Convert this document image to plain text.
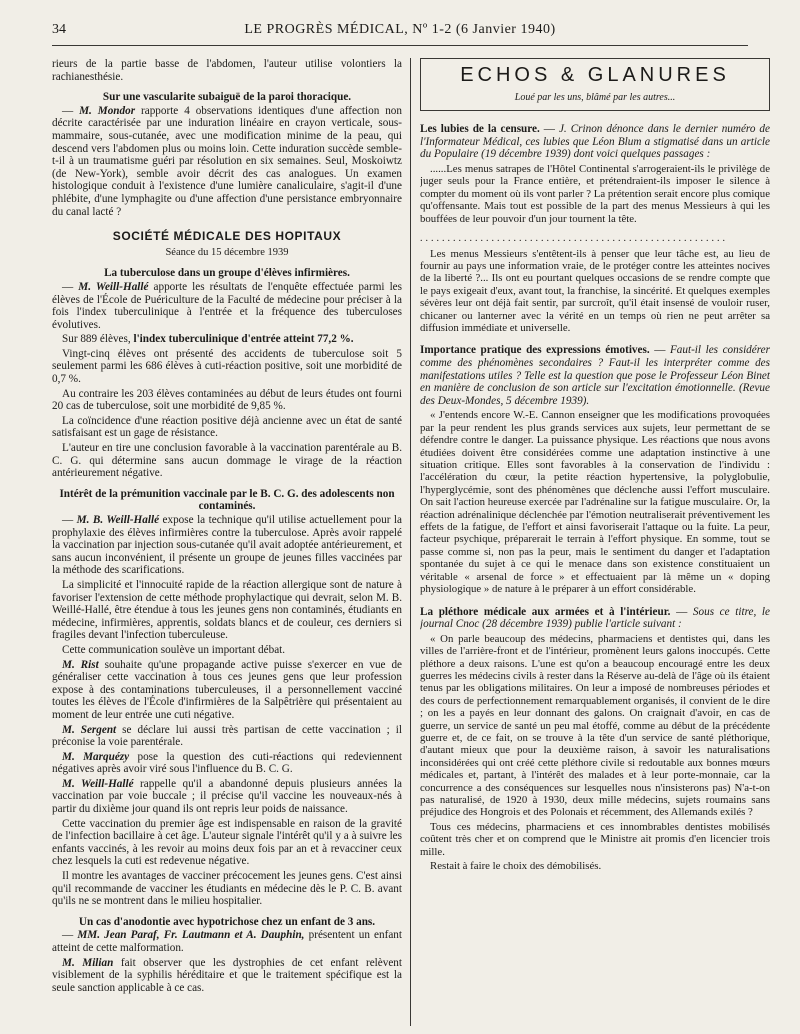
34	LE PROGRÈS MÉDICAL, Nº 1-2 (6 Janvier 1940)

rieurs de la partie basse de l'abdomen, l'auteur utilise volontiers la rachianesthésie.

Sur une vascularite subaiguë de la paroi thoracique.

— M. Mondor rapporte 4 observations identiques d'une affection non décrite caractérisée par une induration linéaire en crayon verticale, sous-mammaire, sous-cutanée, avec une modification minime de la peau, qui descend vers l'abdomen plus ou moins loin. Cette induration succède semble-t-il à un traumatisme guéri par résolution en six semaines. Seul, Moskoiwtz (de New-York), semble avoir décrit des cas analogues. Un examen histologique conduit à l'existence d'une lumière canaliculaire, s'agit-il d'une phlébite, d'une lymphagite ou d'une affection d'une persistance embryonnaire du canal lacté ?

SOCIÉTÉ MÉDICALE DES HOPITAUX
Séance du 15 décembre 1939
La tuberculose dans un groupe d'élèves infirmières.

— M. Weill-Hallé apporte les résultats de l'enquête effectuée parmi les élèves de l'École de Puériculture de la Faculté de médecine pour préciser à la fois l'index tuberculinique à l'entrée et la fréquence des tuberculoses évolutives.

Sur 889 élèves, l'index tuberculinique d'entrée atteint 77,2 %.

Vingt-cinq élèves ont présenté des accidents de tuberculose soit 5 seulement parmi les 686 élèves à cuti-réaction positive, soit une morbidité de 0,7 %.

Au contraire les 203 élèves contaminées au début de leurs études ont fourni 20 cas de tuberculose, soit une morbidité de 9,85 %.

La coïncidence d'une réaction positive déjà ancienne avec un état de santé satisfaisant est un gage de résistance.

L'auteur en tire une conclusion favorable à la vaccination parentérale au B. C. G. qui détermine sans aucun dommage le virage de la réaction antérieurement négative.

Intérêt de la prémunition vaccinale par le B. C. G. des adolescents non contaminés.

— M. B. Weill-Hallé expose la technique qu'il utilise actuellement pour la prophylaxie des élèves infirmières contre la tuberculose. Après avoir rappelé la vaccination par injection sous-cutanée qu'il avait adoptée antérieurement, et sans aucun inconvénient, il présente un groupe de jeunes filles vaccinées par la méthode des scarifications.

La simplicité et l'innocuité rapide de la réaction allergique sont de nature à favoriser l'extension de cette méthode prophylactique qui devrait, selon M. B. Weillé-Hallé, être étendue à tous les jeunes gens non contaminés, étudiants en médecine, infirmières, apprentis, soldats blancs et de couleur, ces derniers si fragiles devant l'infection tuberculeuse.

Cette communication soulève un important débat.

M. Rist souhaite qu'une propagande active puisse s'exercer en vue de généraliser cette vaccination à tous ces jeunes gens que leur profession expose à des contaminations tuberculeuses, il a personnellement vacciné toutes les élèves de l'École d'infirmières de la Salpêtrière qui présentaient au moment de leur entrée une cuti négative.

M. Sergent se déclare lui aussi très partisan de cette vaccination ; il préconise la voie parentérale.

M. Marquézy pose la question des cuti-réactions qui redeviennent négatives après avoir viré sous l'influence du B. C. G.

M. Weill-Hallé rappelle qu'il a abandonné depuis plusieurs années la vaccination par voie buccale ; il précise qu'il vaccine les nouveaux-nés à partir du dixième jour quand ils ont repris leur poids de naissance.

Cette vaccination du premier âge est indispensable en raison de la gravité de l'infection bacillaire à cet âge. L'auteur signale l'intérêt qu'il y a à suivre les enfants vaccinés, à les revoir au moins deux fois par an et à revacciner ceux chez lesquels la cuti est redevenue négative.

Il montre les avantages de vacciner précocement les jeunes gens. C'est ainsi qu'il recommande de vacciner les étudiants en médecine dès le P. C. B. avant qu'ils ne se montrent dans le milieu hospitalier.

Un cas d'anodontie avec hypotrichose chez un enfant de 3 ans.

— MM. Jean Paraf, Fr. Lautmann et A. Dauphin, présentent un enfant atteint de cette malformation.

M. Milian fait observer que les dystrophies de cet enfant relèvent visiblement de la syphilis héréditaire et que le traitement spécifique est la seule sanction applicable à ce cas.

ECHOS & GLANURES
Loué par les uns, blâmé par les autres...

Les lubies de la censure. — J. Crinon dénonce dans le dernier numéro de l'Informateur Médical, ces lubies que Léon Blum a stigmatisé dans un article du Populaire (19 décembre 1939) dont voici quelques passages :

......Les menus satrapes de l'Hôtel Continental s'arrogeraient-ils le privilège de juger seuls pour la France entière, et prétendraient-ils imposer le silence à compter du moment où ils vont parler ? La prétention serait encore plus comique qu'offensante. Mais tout est possible de la part des menus Messieurs à qui les bouffées de leur pouvoir d'un jour tournent la tête.

........................................................

Les menus Messieurs s'entêtent-ils à penser que leur tâche est, au lieu de fournir au pays une information vraie, de le protéger contre les atteintes nocives de la liberté ?... Ils ont eu pourtant quelques occasions de se rendre compte que le pays exigeait d'eux, avant tout, la franchise, la sincérité. Et quelques exemples sévères leur ont déjà fait sentir, par surcroît, qu'il était insensé de vouloir ruser, chicaner ou lanterner avec la vérité en un temps où rien ne peut arrêter sa diffusion immédiate et universelle.

Importance pratique des expressions émotives. — Faut-il les considérer comme des phénomènes secondaires ? Faut-il les interpréter comme des manifestations utiles ? Telle est la question que pose le Professeur Léon Binet en manière de conclusion de son article sur l'excitation émotionnelle. (Revue des Deux-Mondes, 5 décembre 1939).

« J'entends encore W.-E. Cannon enseigner que les modifications provoquées par la peur rendent les plus grands services aux sujets, leur permettant de se défendre contre le danger. La puissance physique. Les réactions que nous avons étudiées doivent être considérées comme une adaptation instinctive à une situation critique. Elles sont favorables à la conservation de l'individu : l'accélération du cœur, la petite réaction hypertensive, la polyglobulie, l'hyperglycémie, sont des phénomènes que déclenche aussi l'effort musculaire. On sait l'action heureuse exercée par l'adrénaline sur la fatigue musculaire. Or, la réaction adrénalinique déclenchée par l'émotion neutraliserait préventivement les effets de la fatigue, de l'effort et ainsi favoriserait l'attaque ou la fuite. La peur, facteur psychique, préparerait le terrain à l'effort physique. En somme, tout se passe comme si, non pas la peur, mais le sentiment du danger et l'adaptation spontanée du sujet à ce qui le menace dans son existence constituaient un véritable « arsenal de force » et effectuaient par là même un « doping physiologique » de nature à le préparer à un effort considérable.

La pléthore médicale aux armées et à l'intérieur. — Sous ce titre, le journal Cnoc (28 décembre 1939) publie l'article suivant :

« On parle beaucoup des médecins, pharmaciens et dentistes qui, dans les villes de l'arrière-front et de l'intérieur, promènent leurs galons inoccupés. Cette pléthore a deux raisons. L'une est qu'on a beaucoup encouragé entre les deux guerres les médecins civils à rester dans la Réserve au-delà de l'âge où ils étaient tenus par les obligations militaires. On leur a imposé de nombreuses périodes et des cours de perfectionnement remarquablement organisés, il convient de le dire ; on les a payés en leur donnant des galons. On craignait d'avoir, en cas de guerre, un service de santé un peu mal étoffé, comme au début de la précédente guerre et, de ce fait, on se trouve à la tête d'un service de santé pléthorique, d'autant mieux que pour la deuxième raison, à savoir les naturalisations inconsidérées qui ont créé cette pléthore civile si redoutable aux bonnes mœurs médicales et, partant, à l'intérêt des malades et à leur porte-monnaie, car la concurrence a des conséquences sur lesquelles nous n'insisterons pas) N'a-t-on pas naturalisé, de 1920 à 1930, deux mille médecins, sujets roumains sans préjudice des Hongrois et des Polonais et récemment, des Allemands exilés ?

Tous ces médecins, pharmaciens et ces innombrables dentistes mobilisés coûtent très cher et on comprend que le Ministre ait promis d'en licencier trois mille.

Restait à faire le choix des démobilisés.
